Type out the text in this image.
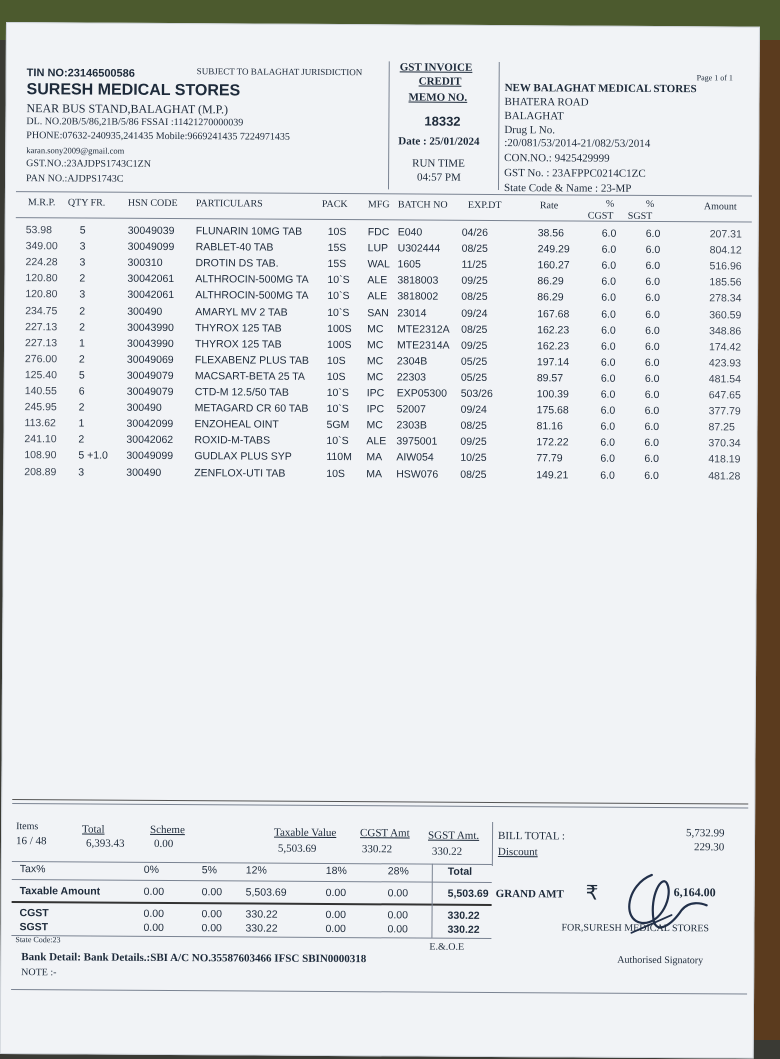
TIN NO:23146500586	SUBJECT TO BALAGHAT JURISDICTION
SURESH MEDICAL STORES
NEAR BUS STAND,BALAGHAT (M.P.)
DL. NO.20B/5/86,21B/5/86 FSSAI :11421270000039
PHONE:07632-240935,241435 Mobile:9669241435 7224971435
karan.sony2009@gmail.com
GST.NO.:23AJDPS1743C1ZN
PAN NO.:AJDPS1743C
GST INVOICE
CREDIT
MEMO NO.
18332
Date : 25/01/2024
RUN TIME
04:57 PM
Page 1 of 1
NEW BALAGHAT MEDICAL STORES
BHATERA ROAD
BALAGHAT
Drug L No.
:20/081/53/2014-21/082/53/2014
CON.NO.: 9425429999
GST No. : 23AFPPC0214C1ZC
State Code & Name : 23-MP
M.R.P. QTY FR. HSN CODE PARTICULARS	PACK MFG BATCH NO EXP.DT	Rate	%
CGST
%
SGST
Amount
53.98	5	30049039 FLUNARIN 10MG TAB 10S FDC E040	04/26	38.56	6.0	6.0	207.31
349.00 3	30049099 RABLET-40 TAB	15S LUP U302444 08/25	249.29	6.0	6.0	804.12
224.28 3	300310	DROTIN DS TAB.	15S WAL 1605	11/25	160.27	6.0	6.0	516.96
120.80 2	30042061 ALTHROCIN-500MG TA 10`S ALE 3818003 09/25	86.29	6.0	6.0	185.56
120.80 3	30042061 ALTHROCIN-500MG TA 10`S ALE 3818002 08/25	86.29	6.0	6.0	278.34
234.75 2	300490	AMARYL MV 2 TAB	10`S SAN 23014	09/24	167.68	6.0	6.0	360.59
227.13 2	30043990 THYROX 125 TAB	100S MC MTE2312A 08/25	162.23	6.0	6.0	348.86
227.13 1	30043990 THYROX 125 TAB	100S MC MTE2314A 09/25	162.23	6.0	6.0	174.42
276.00 2	30049069 FLEXABENZ PLUS TAB 10S MC 2304B	05/25	197.14	6.0	6.0	423.93
125.40 5	30049079 MACSART-BETA 25 TA 10S MC 22303	05/25	89.57	6.0	6.0	481.54
140.55 6	30049079 CTD-M 12.5/50 TAB	10`S IPC EXP05300 503/26	100.39	6.0	6.0	647.65
245.95 2	300490	METAGARD CR 60 TAB 10`S IPC 52007	09/24	175.68	6.0	6.0	377.79
113.62 1	30042099 ENZOHEAL OINT	5GM MC 2303B	08/25	81.16	6.0	6.0	87.25
241.10 2	30042062 ROXID-M-TABS	10`S ALE 3975001 09/25	172.22	6.0	6.0	370.34
108.90 5 +1.0 30049099 GUDLAX PLUS SYP	110M MA AIW054	10/25	77.79	6.0	6.0	418.19
208.89 3	300490	ZENFLOX-UTI TAB	10S MA HSW076 08/25	149.21	6.0	6.0	481.28
Items
16 / 48
Total
6,393.43
Scheme
0.00
Taxable Value
5,503.69
CGST Amt
330.22
SGST Amt.
330.22
BILL TOTAL :	5,732.99
Discount	229.30
Tax%	0%	5%	12%	18%	28%	Total
Taxable Amount	0.00	0.00 5,503.69	0.00	0.00	5,503.69
CGST	0.00	0.00 330.22	0.00	0.00	330.22
SGST	0.00	0.00 330.22	0.00	0.00	330.22
GRAND AMT ₹	6,164.00
State Code:23
Bank Detail: Bank Details.:SBI A/C NO.35587603466 IFSC SBIN0000318
E.&.O.E
FOR,SURESH MEDICAL STORES
Authorised Signatory
NOTE :-
